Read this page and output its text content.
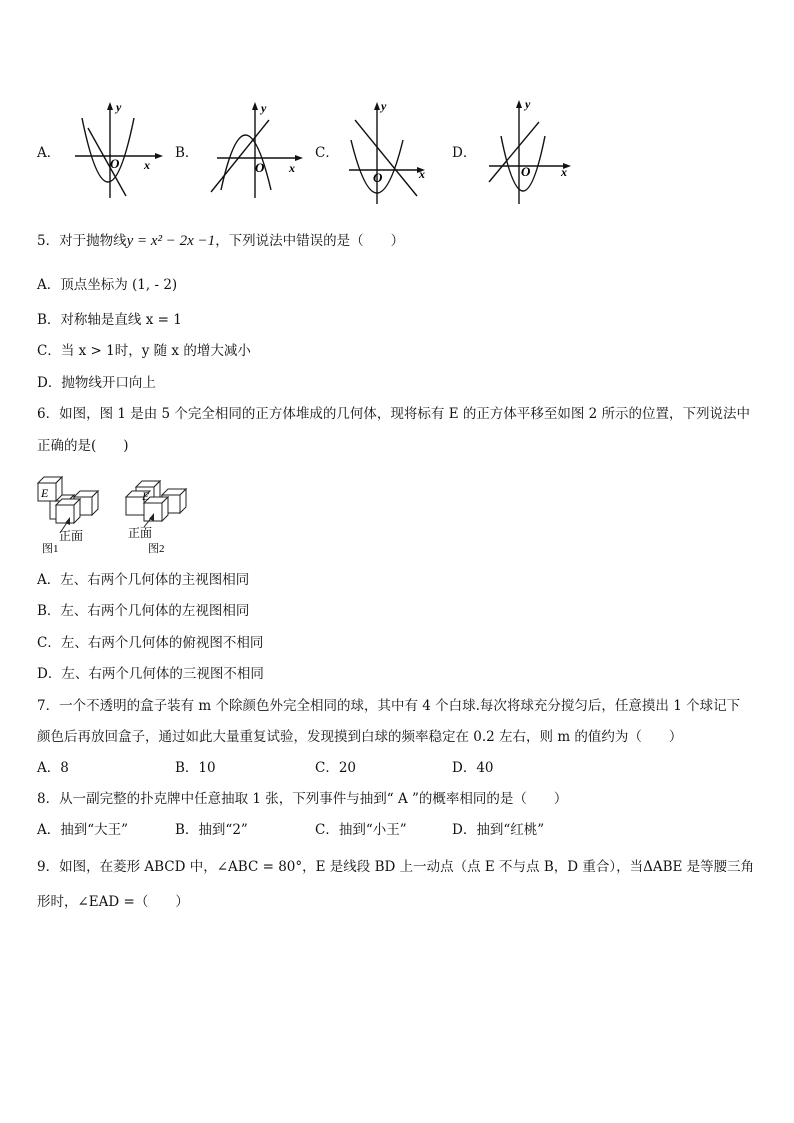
A．
y
x
O
B．
y
x
O
C．
y
x
O
D．
y
x
O
5．对于抛物线y = x² − 2x −1，下列说法中错误的是（　　）
A．顶点坐标为 (1, - 2)
B．对称轴是直线 x = 1
C．当 x > 1时，y 随 x 的增大减小
D．抛物线开口向上
6．如图，图 1 是由 5 个完全相同的正方体堆成的几何体，现将标有 E 的正方体平移至如图 2 所示的位置，下列说法中
正确的是(　　)
E	E
正面	正面
图1	图2
A．左、右两个几何体的主视图相同
B．左、右两个几何体的左视图相同
C．左、右两个几何体的俯视图不相同
D．左、右两个几何体的三视图不相同
7．一个不透明的盒子装有 m 个除颜色外完全相同的球，其中有 4 个白球.每次将球充分搅匀后，任意摸出 1 个球记下
颜色后再放回盒子，通过如此大量重复试验，发现摸到白球的频率稳定在 0.2 左右，则 m 的值约为（　　）
A．8	B．10	C．20	D．40
8．从一副完整的扑克牌中任意抽取 1 张，下列事件与抽到“ A ”的概率相同的是（　　）
A．抽到“大王”	B．抽到“2”	C．抽到“小王”	D．抽到“红桃”
9．如图，在菱形 ABCD 中，∠ABC = 80°，E 是线段 BD 上一动点（点 E 不与点 B，D 重合），当ΔABE 是等腰三角
形时，∠EAD =（　　）
